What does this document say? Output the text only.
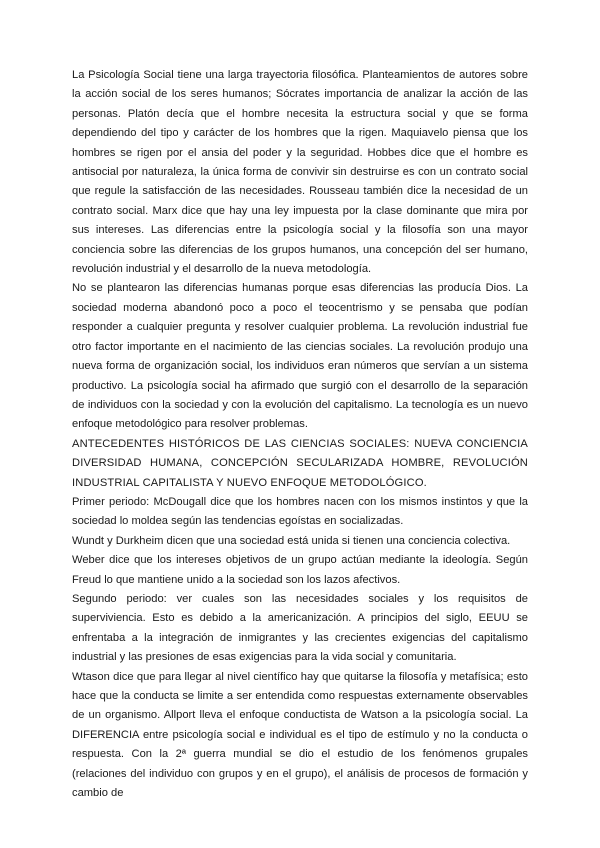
La Psicología Social tiene una larga trayectoria filosófica. Planteamientos de autores sobre la acción social de los seres humanos; Sócrates importancia de analizar la acción de las personas. Platón decía que el hombre necesita la estructura social y que se forma dependiendo del tipo y carácter de los hombres que la rigen. Maquiavelo piensa que los hombres se rigen por el ansia del poder y la seguridad. Hobbes dice que el hombre es antisocial por naturaleza, la única forma de convivir sin destruirse es con un contrato social que regule la satisfacción de las necesidades. Rousseau también dice la necesidad de un contrato social. Marx dice que hay una ley impuesta por la clase dominante que mira por sus intereses. Las diferencias entre la psicología social y la filosofía son una mayor conciencia sobre las diferencias de los grupos humanos, una concepción del ser humano, revolución industrial y el desarrollo de la nueva metodología.

No se plantearon las diferencias humanas porque esas diferencias las producía Dios. La sociedad moderna abandonó poco a poco el teocentrismo y se pensaba que podían responder a cualquier pregunta y resolver cualquier problema. La revolución industrial fue otro factor importante en el nacimiento de las ciencias sociales. La revolución produjo una nueva forma de organización social, los individuos eran números que servían a un sistema productivo. La psicología social ha afirmado que surgió con el desarrollo de la separación de individuos con la sociedad y con la evolución del capitalismo. La tecnología es un nuevo enfoque metodológico para resolver problemas.

ANTECEDENTES HISTÓRICOS DE LAS CIENCIAS SOCIALES: NUEVA CONCIENCIA DIVERSIDAD HUMANA, CONCEPCIÓN SECULARIZADA HOMBRE, REVOLUCIÓN INDUSTRIAL CAPITALISTA Y NUEVO ENFOQUE METODOLÓGICO.

Primer periodo: McDougall dice que los hombres nacen con los mismos instintos y que la sociedad lo moldea según las tendencias egoístas en socializadas.

Wundt y Durkheim dicen que una sociedad está unida si tienen una conciencia colectiva.

Weber dice que los intereses objetivos de un grupo actúan mediante la ideología. Según Freud lo que mantiene unido a la sociedad son los lazos afectivos.

Segundo periodo: ver cuales son las necesidades sociales y los requisitos de superviviencia. Esto es debido a la americanización. A principios del siglo, EEUU se enfrentaba a la integración de inmigrantes y las crecientes exigencias del capitalismo industrial y las presiones de esas exigencias para la vida social y comunitaria.

Wtason dice que para llegar al nivel científico hay que quitarse la filosofía y metafísica; esto hace que la conducta se limite a ser entendida como respuestas externamente observables de un organismo. Allport lleva el enfoque conductista de Watson a la psicología social. La DIFERENCIA entre psicología social e individual es el tipo de estímulo y no la conducta o respuesta. Con la 2ª guerra mundial se dio el estudio de los fenómenos grupales (relaciones del individuo con grupos y en el grupo), el análisis de procesos de formación y cambio de
